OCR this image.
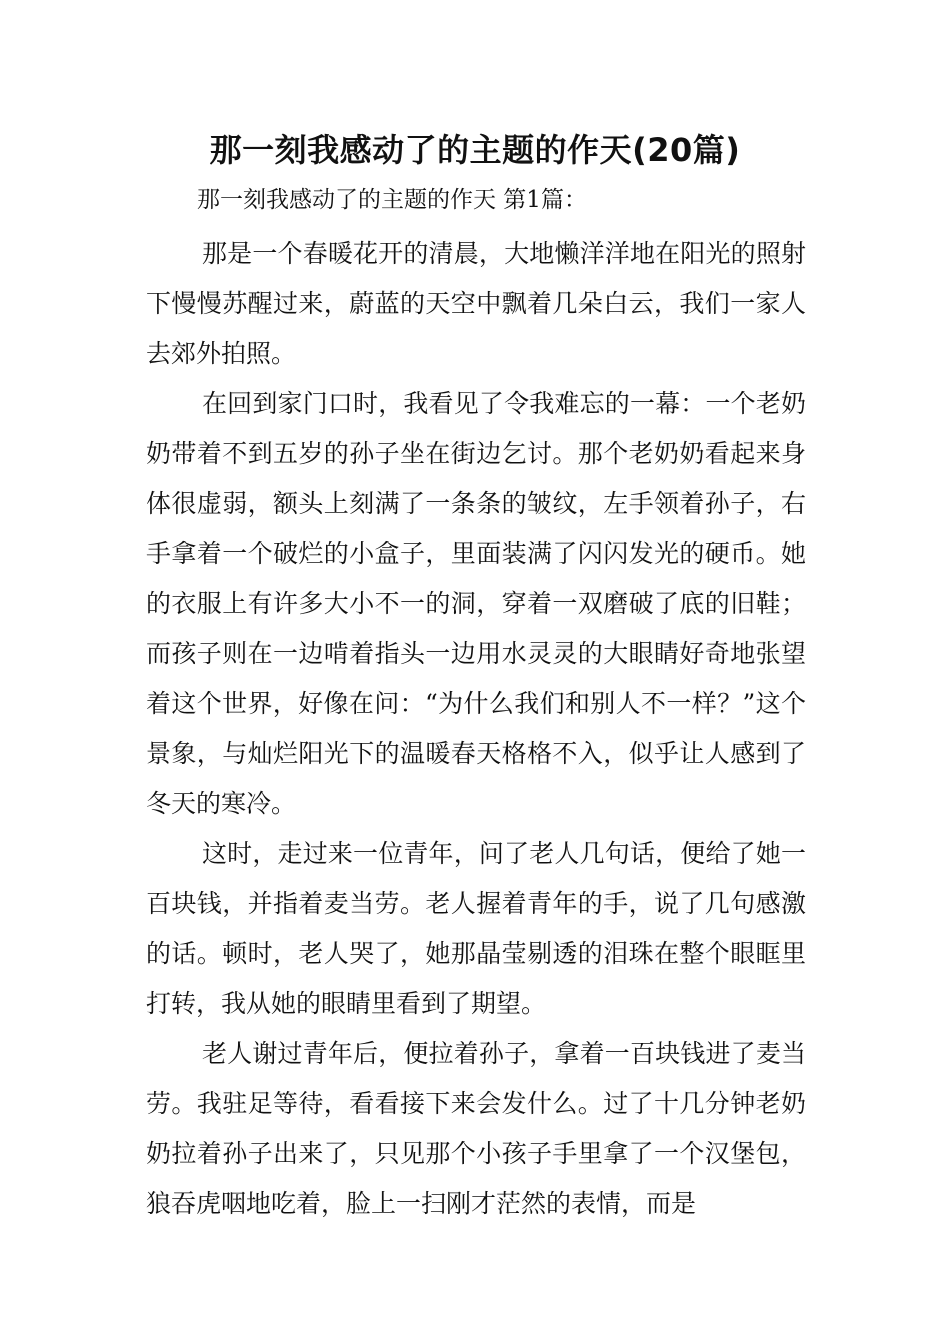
那一刻我感动了的主题的作天(20篇)
那一刻我感动了的主题的作天 第1篇：

那是一个春暖花开的清晨，大地懒洋洋地在阳光的照射下慢慢苏醒过来，蔚蓝的天空中飘着几朵白云，我们一家人去郊外拍照。

在回到家门口时，我看见了令我难忘的一幕：一个老奶奶带着不到五岁的孙子坐在街边乞讨。那个老奶奶看起来身体很虚弱，额头上刻满了一条条的皱纹，左手领着孙子，右手拿着一个破烂的小盒子，里面装满了闪闪发光的硬币。她的衣服上有许多大小不一的洞，穿着一双磨破了底的旧鞋；而孩子则在一边啃着指头一边用水灵灵的大眼睛好奇地张望着这个世界，好像在问：“为什么我们和别人不一样？”这个景象，与灿烂阳光下的温暖春天格格不入，似乎让人感到了冬天的寒冷。

这时，走过来一位青年，问了老人几句话，便给了她一百块钱，并指着麦当劳。老人握着青年的手，说了几句感激的话。顿时，老人哭了，她那晶莹剔透的泪珠在整个眼眶里打转，我从她的眼睛里看到了期望。

老人谢过青年后，便拉着孙子，拿着一百块钱进了麦当劳。我驻足等待，看看接下来会发什么。过了十几分钟老奶奶拉着孙子出来了，只见那个小孩子手里拿了一个汉堡包，狼吞虎咽地吃着，脸上一扫刚才茫然的表情，而是
